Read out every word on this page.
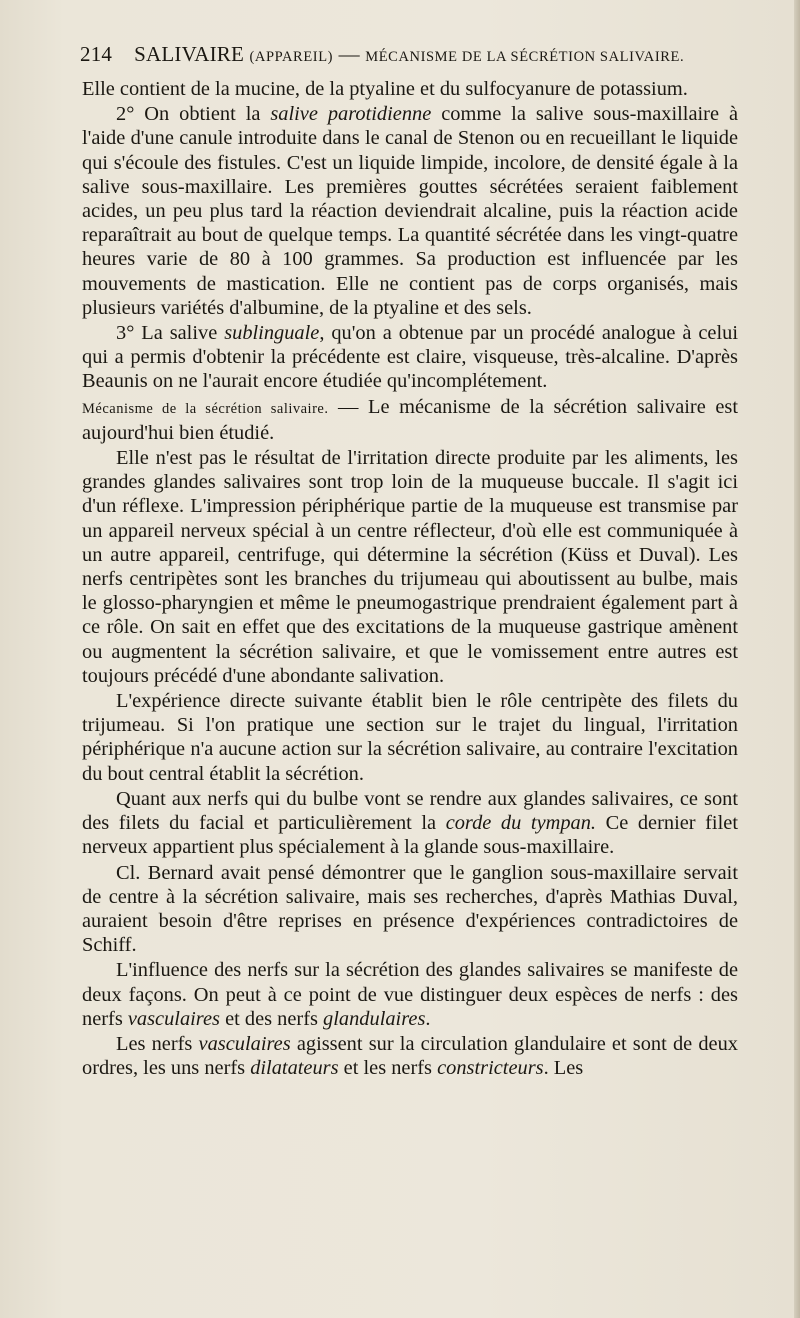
214 SALIVAIRE (APPAREIL) — MÉCANISME DE LA SÉCRÉTION SALIVAIRE.

Elle contient de la mucine, de la ptyaline et du sulfocyanure de potassium.

2° On obtient la salive parotidienne comme la salive sous-maxillaire à l'aide d'une canule introduite dans le canal de Stenon ou en recueillant le liquide qui s'écoule des fistules. C'est un liquide limpide, incolore, de densité égale à la salive sous-maxillaire. Les premières gouttes sécrétées seraient faiblement acides, un peu plus tard la réaction deviendrait alcaline, puis la réaction acide reparaîtrait au bout de quelque temps. La quantité sécrétée dans les vingt-quatre heures varie de 80 à 100 grammes. Sa production est influencée par les mouvements de mastication. Elle ne contient pas de corps organisés, mais plusieurs variétés d'albumine, de la ptyaline et des sels.

3° La salive sublinguale, qu'on a obtenue par un procédé analogue à celui qui a permis d'obtenir la précédente est claire, visqueuse, très-alcaline. D'après Beaunis on ne l'aurait encore étudiée qu'incomplétement.

Mécanisme de la sécrétion salivaire. — Le mécanisme de la sécrétion salivaire est aujourd'hui bien étudié.

Elle n'est pas le résultat de l'irritation directe produite par les aliments, les grandes glandes salivaires sont trop loin de la muqueuse buccale. Il s'agit ici d'un réflexe. L'impression périphérique partie de la muqueuse est transmise par un appareil nerveux spécial à un centre réflecteur, d'où elle est communiquée à un autre appareil, centrifuge, qui détermine la sécrétion (Küss et Duval). Les nerfs centripètes sont les branches du trijumeau qui aboutissent au bulbe, mais le glosso-pharyngien et même le pneumogastrique prendraient également part à ce rôle. On sait en effet que des excitations de la muqueuse gastrique amènent ou augmentent la sécrétion salivaire, et que le vomissement entre autres est toujours précédé d'une abondante salivation.

L'expérience directe suivante établit bien le rôle centripète des filets du trijumeau. Si l'on pratique une section sur le trajet du lingual, l'irritation périphérique n'a aucune action sur la sécrétion salivaire, au contraire l'excitation du bout central établit la sécrétion.

Quant aux nerfs qui du bulbe vont se rendre aux glandes salivaires, ce sont des filets du facial et particulièrement la corde du tympan. Ce dernier filet nerveux appartient plus spécialement à la glande sous-maxillaire.

Cl. Bernard avait pensé démontrer que le ganglion sous-maxillaire servait de centre à la sécrétion salivaire, mais ses recherches, d'après Mathias Duval, auraient besoin d'être reprises en présence d'expériences contradictoires de Schiff.

L'influence des nerfs sur la sécrétion des glandes salivaires se manifeste de deux façons. On peut à ce point de vue distinguer deux espèces de nerfs : des nerfs vasculaires et des nerfs glandulaires.

Les nerfs vasculaires agissent sur la circulation glandulaire et sont de deux ordres, les uns nerfs dilatateurs et les nerfs constricteurs. Les
